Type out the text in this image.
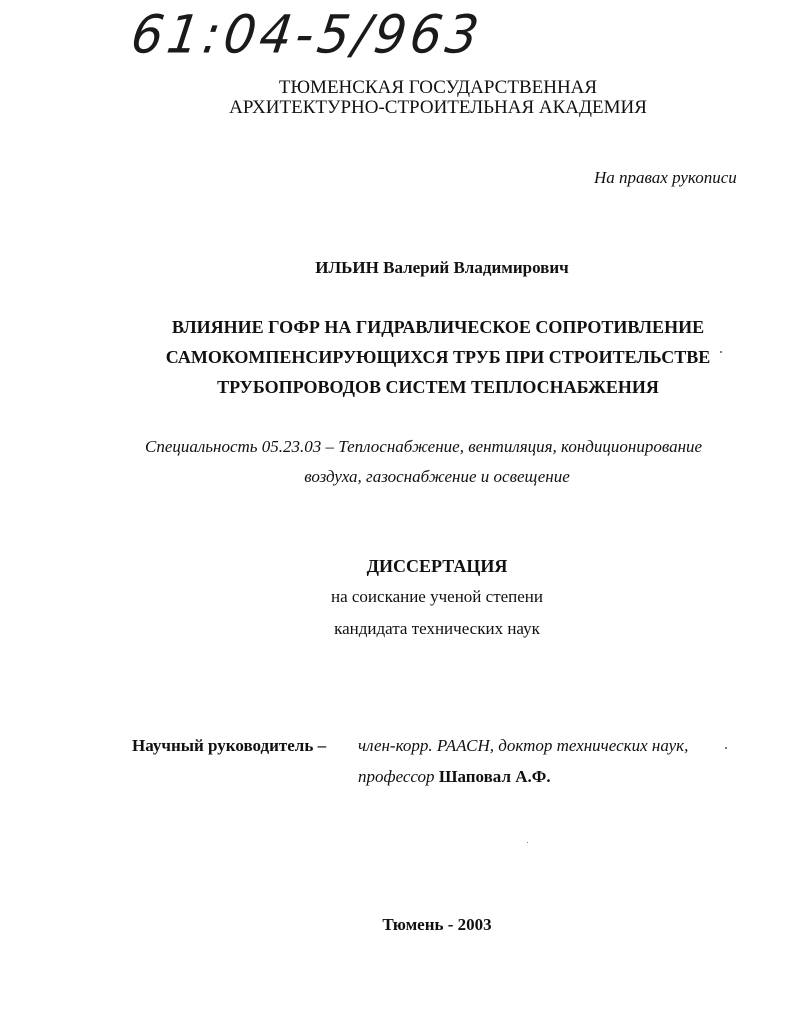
61:04-5/963
ТЮМЕНСКАЯ ГОСУДАРСТВЕННАЯ
АРХИТЕКТУРНО-СТРОИТЕЛЬНАЯ АКАДЕМИЯ
На правах рукописи
ИЛЬИН Валерий Владимирович
ВЛИЯНИЕ ГОФР НА ГИДРАВЛИЧЕСКОЕ СОПРОТИВЛЕНИЕ
САМОКОМПЕНСИРУЮЩИХСЯ ТРУБ ПРИ СТРОИТЕЛЬСТВЕ
ТРУБОПРОВОДОВ СИСТЕМ ТЕПЛОСНАБЖЕНИЯ
Специальность 05.23.03 – Теплоснабжение, вентиляция, кондиционирование
воздуха, газоснабжение и освещение
ДИССЕРТАЦИЯ
на соискание ученой степени
кандидата технических наук
Научный руководитель – член-корр. РААСН, доктор технических наук,
профессор Шаповал А.Ф.
Тюмень - 2003
